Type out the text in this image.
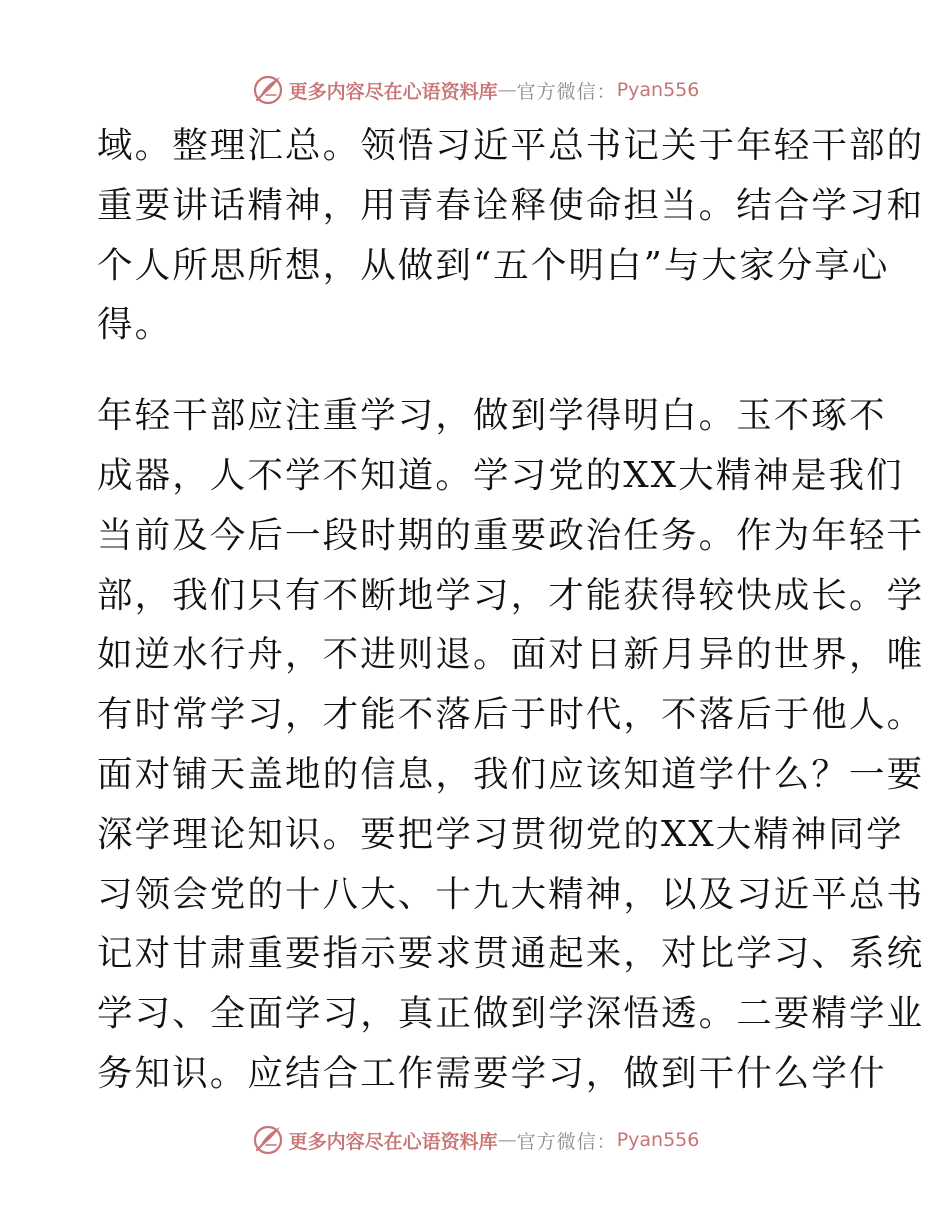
更多内容尽在心语资料库 — 官方微信： Pyan556

域。整理汇总。领悟习近平总书记关于年轻干部的
重要讲话精神，用青春诠释使命担当。结合学习和
个人所思所想，从做到“五个明白”与大家分享心
得。

年轻干部应注重学习，做到学得明白。玉不琢不
成器，人不学不知道。学习党的XX大精神是我们
当前及今后一段时期的重要政治任务。作为年轻干
部，我们只有不断地学习，才能获得较快成长。学
如逆水行舟，不进则退。面对日新月异的世界，唯
有时常学习，才能不落后于时代，不落后于他人。
面对铺天盖地的信息，我们应该知道学什么？一要
深学理论知识。要把学习贯彻党的XX大精神同学
习领会党的十八大、十九大精神，以及习近平总书
记对甘肃重要指示要求贯通起来，对比学习、系统
学习、全面学习，真正做到学深悟透。二要精学业
务知识。应结合工作需要学习，做到干什么学什

更多内容尽在心语资料库 — 官方微信： Pyan556
